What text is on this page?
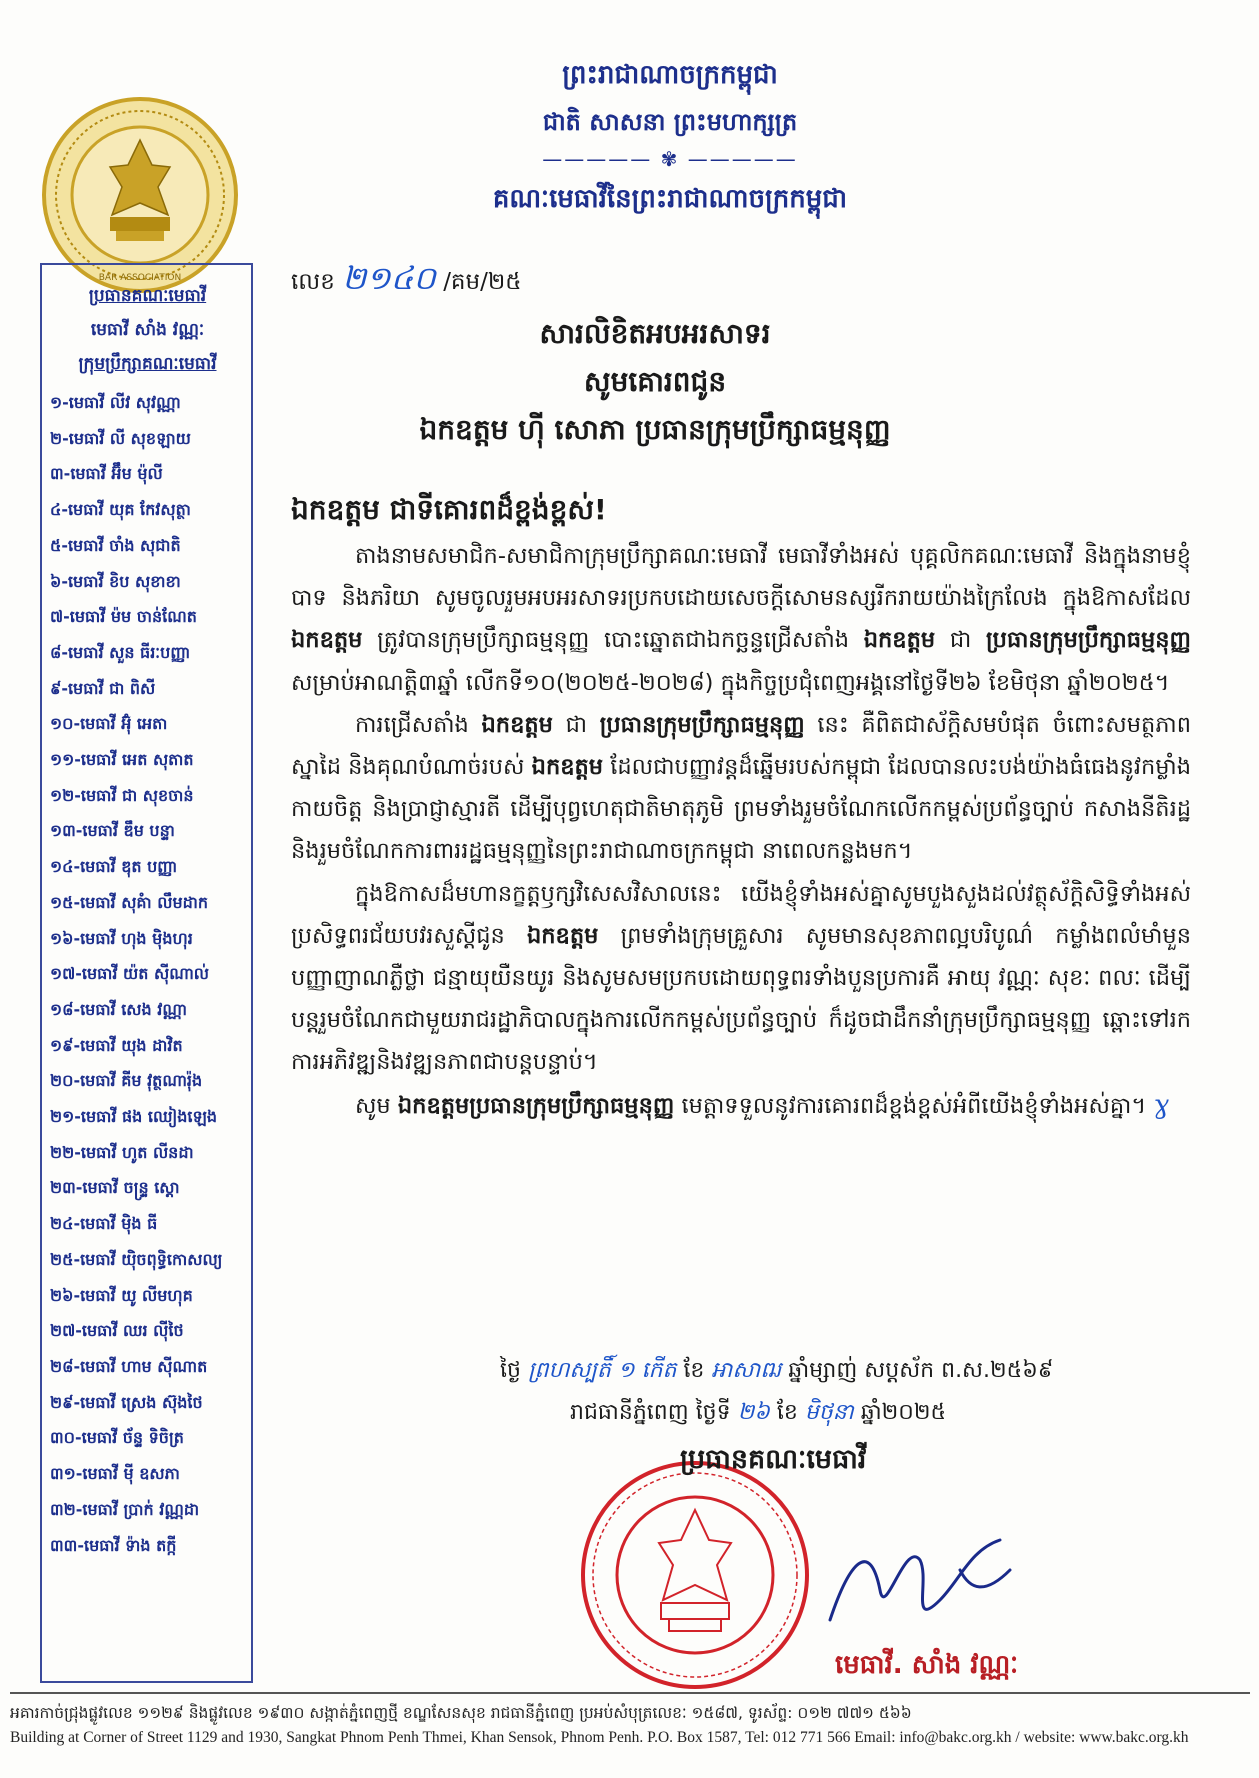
BAR ASSOCIATION
ព្រះរាជាណាចក្រកម្ពុជា
ជាតិ សាសនា ព្រះមហាក្សត្រ
————— ✾ —————
គណៈមេធាវីនៃព្រះរាជាណាចក្រកម្ពុជា
ប្រធានគណៈមេធាវី
មេធាវី សាំង វណ្ណៈ
ក្រុមប្រឹក្សាគណៈមេធាវី
១-មេធាវី លីវ សុវណ្ណា
២-មេធាវី លី សុខឡាយ
៣-មេធាវី អ៊ឹម ម៉ុលី
៤-មេធាវី យុគ កែវសុត្ថា
៥-មេធាវី ចាំង សុជាតិ
៦-មេធាវី ខិប សុខាខា
៧-មេធាវី ម៉ម ចាន់ណែត
៨-មេធាវី សួន ធីរៈបញ្ញា
៩-មេធាវី ជា ពិសី
១០-មេធាវី អ៊ុំ អេតា
១១-មេធាវី អេត សុតាត
១២-មេធាវី ជា សុខចាន់
១៣-មេធាវី ឌឹម បន្ទា
១៤-មេធាវី ឌុត បញ្ញា
១៥-មេធាវី សុគំា លឹមដាក
១៦-មេធាវី ហុង ម៉ិងហុរ
១៧-មេធាវី យ៉ត ស៊ីណាល់
១៨-មេធាវី សេង វណ្ណា
១៩-មេធាវី យុង ដាវិត
២០-មេធាវី គីម វុត្ថណារ៉ុង
២១-មេធាវី ផង ឈៀងឡេង
២២-មេធាវី ហូត លីនដា
២៣-មេធាវី ចន្ទ្រ ស្តោ
២៤-មេធាវី ម៉ិង ធី
២៥-មេធាវី យ៉ិចពុទ្ធិកោសល្យ
២៦-មេធាវី យូ លីមហុគ
២៧-មេធាវី ឈរ ល៉ីថៃ
២៨-មេធាវី ហាម ស៊ីណាត
២៩-មេធាវី ស្រេង ស៊ុងថៃ
៣០-មេធាវី ច័ន្ទ ទិចិត្រ
៣១-មេធាវី ម៉ី ឧសភា
៣២-មេធាវី ប្រាក់ វណ្ណដា
៣៣-មេធាវី ទ៉ាង តក្កី
លេខ ២១៤០ /គម/២៥
សារលិខិតអបអរសាទរ
សូមគោរពជូន
ឯកឧត្តម ហ៊ី សោភា ប្រធានក្រុមប្រឹក្សាធម្មនុញ្ញ
ឯកឧត្តម ជាទីគោរពដ៏ខ្ពង់ខ្ពស់!

តាងនាមសមាជិក-សមាជិកាក្រុមប្រឹក្សាគណៈមេធាវី មេធាវីទាំងអស់ បុគ្គលិកគណៈមេធាវី និងក្នុងនាមខ្ញុំបាទ និងភរិយា សូមចូលរួមអបអរសាទរប្រកបដោយសេចក្តីសោមនស្សរីករាយយ៉ាងក្រៃលែង ក្នុងឱកាសដែល ឯកឧត្តម ត្រូវបានក្រុមប្រឹក្សាធម្មនុញ្ញ បោះឆ្នោតជាឯកច្ឆន្ទជ្រើសតាំង ឯកឧត្តម ជា ប្រធានក្រុមប្រឹក្សាធម្មនុញ្ញ សម្រាប់អាណត្តិ៣ឆ្នាំ លើកទី១០(២០២៥-២០២៨) ក្នុងកិច្ចប្រជុំពេញអង្គនៅថ្ងៃទី២៦ ខែមិថុនា ឆ្នាំ២០២៥។

ការជ្រើសតាំង ឯកឧត្តម ជា ប្រធានក្រុមប្រឹក្សាធម្មនុញ្ញ នេះ គឺពិតជាស័ក្តិសមបំផុត ចំពោះសមត្ថភាព ស្នាដៃ និងគុណបំណាច់របស់ ឯកឧត្តម ដែលជាបញ្ញាវន្តដ៏ឆ្នើមរបស់កម្ពុជា ដែលបានលះបង់យ៉ាងធំធេងនូវកម្លាំងកាយចិត្ត និងប្រាជ្ញាស្មារតី ដើម្បីបុព្វហេតុជាតិមាតុភូមិ ព្រមទាំងរួមចំណែកលើកកម្ពស់ប្រព័ន្ធច្បាប់ កសាងនីតិរដ្ឋ និងរួមចំណែកការពាររដ្ឋធម្មនុញ្ញនៃព្រះរាជាណាចក្រកម្ពុជា នាពេលកន្លងមក។

ក្នុងឱកាសដ៏មហានក្ខត្តឫក្សវិសេសវិសាលនេះ យើងខ្ញុំទាំងអស់គ្នាសូមបួងសួងដល់វត្ថុស័ក្តិសិទ្ធិទាំងអស់ប្រសិទ្ធពរជ័យបវរសួស្តីជូន ឯកឧត្តម ព្រមទាំងក្រុមគ្រួសារ សូមមានសុខភាពល្អបរិបូណ៌ កម្លាំងពលំមាំមួន បញ្ញាញាណភ្លឺថ្លា ជន្មាយុយឺនយូរ និងសូមសមប្រកបដោយពុទ្ធពរទាំងបួនប្រការគឺ អាយុ វណ្ណៈ សុខៈ ពលៈ ដើម្បីបន្តរួមចំណែកជាមួយរាជរដ្ឋាភិបាលក្នុងការលើកកម្ពស់ប្រព័ន្ធច្បាប់ ក៏ដូចជាដឹកនាំក្រុមប្រឹក្សាធម្មនុញ្ញ ឆ្ពោះទៅរកការអភិវឌ្ឍនិងវឌ្ឍនភាពជាបន្តបន្ទាប់។

សូម ឯកឧត្តមប្រធានក្រុមប្រឹក្សាធម្មនុញ្ញ មេត្តាទទួលនូវការគោរពដ៏ខ្ពង់ខ្ពស់អំពីយើងខ្ញុំទាំងអស់គ្នា។ ɣ

ថ្ងៃ ព្រហស្បតិ៍ ១ កើត ខែ អាសាឍ ឆ្នាំម្សាញ់ សប្តស័ក ព.ស.២៥៦៩
រាជធានីភ្នំពេញ ថ្ងៃទី ២៦ ខែ មិថុនា ឆ្នាំ២០២៥
ប្រធានគណៈមេធាវី
មេធាវី. សាំង វណ្ណៈ
អគារកាច់ជ្រុងផ្លូវលេខ ១១២៩ និងផ្លូវលេខ ១៩៣០ សង្កាត់ភ្នំពេញថ្មី ខណ្ឌសែនសុខ រាជធានីភ្នំពេញ ប្រអប់សំបុត្រលេខៈ ១៥៨៧, ទូរស័ព្ទ: ០១២ ៧៧១ ៥៦៦
Building at Corner of Street 1129 and 1930, Sangkat Phnom Penh Thmei, Khan Sensok, Phnom Penh. P.O. Box 1587, Tel: 012 771 566 Email: info@bakc.org.kh / website: www.bakc.org.kh
